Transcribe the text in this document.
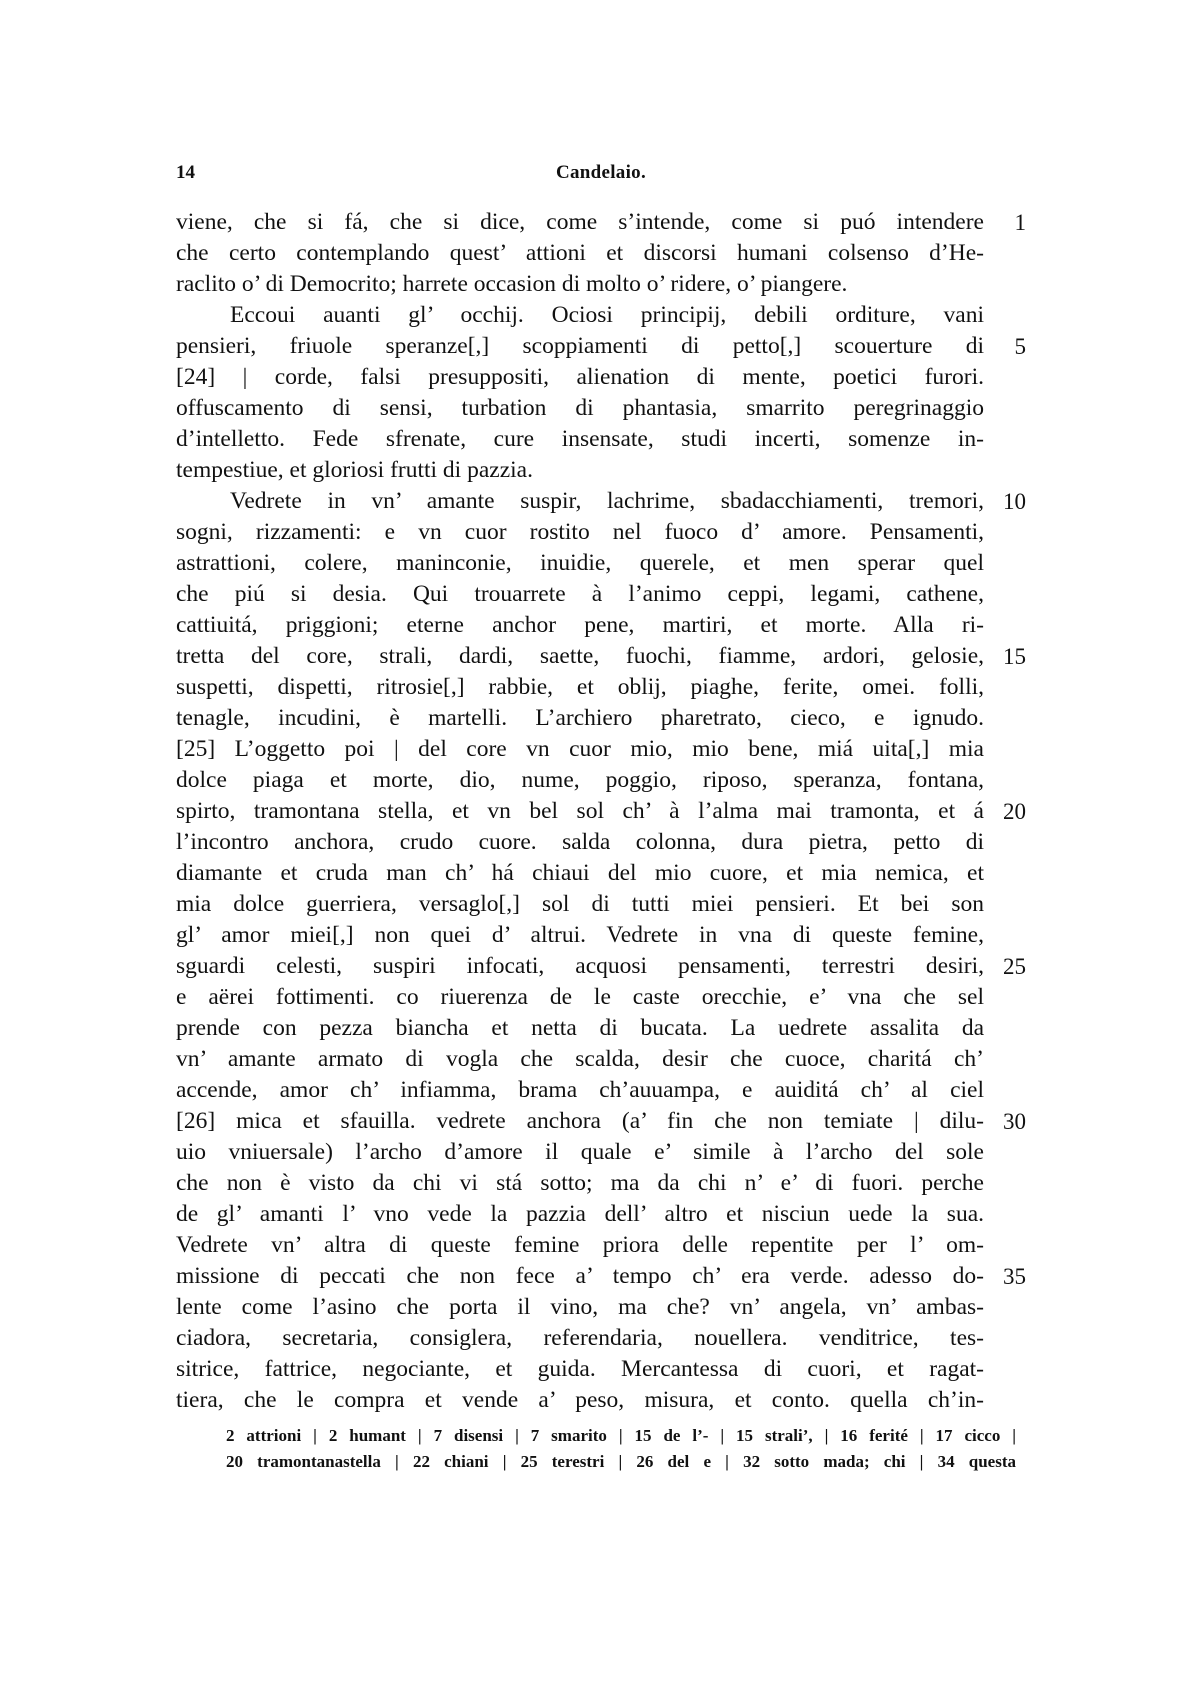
14	Candelaio.
viene, che si fá, che si dice, come s’intende, come si puó intendere	1
che certo contemplando quest’ attioni et discorsi humani colsenso d’He-
raclito o’ di Democrito; harrete occasion di molto o’ ridere, o’ piangere.
Eccoui auanti gl’ occhij. Ociosi principij, debili orditure, vani
pensieri, friuole speranze[,] scoppiamenti di petto[,] scouerture di	5
[24] | corde, falsi presuppositi, alienation di mente, poetici furori.
offuscamento di sensi, turbation di phantasia, smarrito peregrinaggio
d’intelletto. Fede sfrenate, cure insensate, studi incerti, somenze in-
tempestiue, et gloriosi frutti di pazzia.
Vedrete in vn’ amante suspir, lachrime, sbadacchiamenti, tremori, 10
sogni, rizzamenti: e vn cuor rostito nel fuoco d’ amore. Pensamenti,
astrattioni, colere, maninconie, inuidie, querele, et men sperar quel
che piú si desia. Qui trouarrete à l’animo ceppi, legami, cathene,
cattiuitá, priggioni; eterne anchor pene, martiri, et morte. Alla ri-
tretta del core, strali, dardi, saette, fuochi, fiamme, ardori, gelosie, 15
suspetti, dispetti, ritrosie[,] rabbie, et oblij, piaghe, ferite, omei. folli,
tenagle, incudini, è martelli. L’archiero pharetrato, cieco, e ignudo.
[25] L’oggetto poi | del core vn cuor mio, mio bene, miá uita[,] mia
dolce piaga et morte, dio, nume, poggio, riposo, speranza, fontana,
spirto, tramontana stella, et vn bel sol ch’ à l’alma mai tramonta, et á 20
l’incontro anchora, crudo cuore. salda colonna, dura pietra, petto di
diamante et cruda man ch’ há chiaui del mio cuore, et mia nemica, et
mia dolce guerriera, versaglo[,] sol di tutti miei pensieri. Et bei son
gl’ amor miei[,] non quei d’ altrui. Vedrete in vna di queste femine,
sguardi celesti, suspiri infocati, acquosi pensamenti, terrestri desiri, 25
e aërei fottimenti. co riuerenza de le caste orecchie, e’ vna che sel
prende con pezza biancha et netta di bucata. La uedrete assalita da
vn’ amante armato di vogla che scalda, desir che cuoce, charitá ch’
accende, amor ch’ infiamma, brama ch’auuampa, e auiditá ch’ al ciel
[26] mica et sfauilla. vedrete anchora (a’ fin che non temiate | dilu- 30
uio vniuersale) l’archo d’amore il quale e’ simile à l’archo del sole
che non è visto da chi vi stá sotto; ma da chi n’ e’ di fuori. perche
de gl’ amanti l’ vno vede la pazzia dell’ altro et nisciun uede la sua.
Vedrete vn’ altra di queste femine priora delle repentite per l’ om-
missione di peccati che non fece a’ tempo ch’ era verde. adesso do- 35
lente come l’asino che porta il vino, ma che? vn’ angela, vn’ ambas-
ciadora, secretaria, consiglera, referendaria, nouellera. venditrice, tes-
sitrice, fattrice, negociante, et guida. Mercantessa di cuori, et ragat-
tiera, che le compra et vende a’ peso, misura, et conto. quella ch’in-
2 attrioni | 2 humant | 7 disensi | 7 smarito | 15 de l’- | 15 strali’, | 16 ferité | 17 cicco |
20 tramontanastella | 22 chiani | 25 terestri | 26 del e | 32 sotto mada; chi | 34 questa
